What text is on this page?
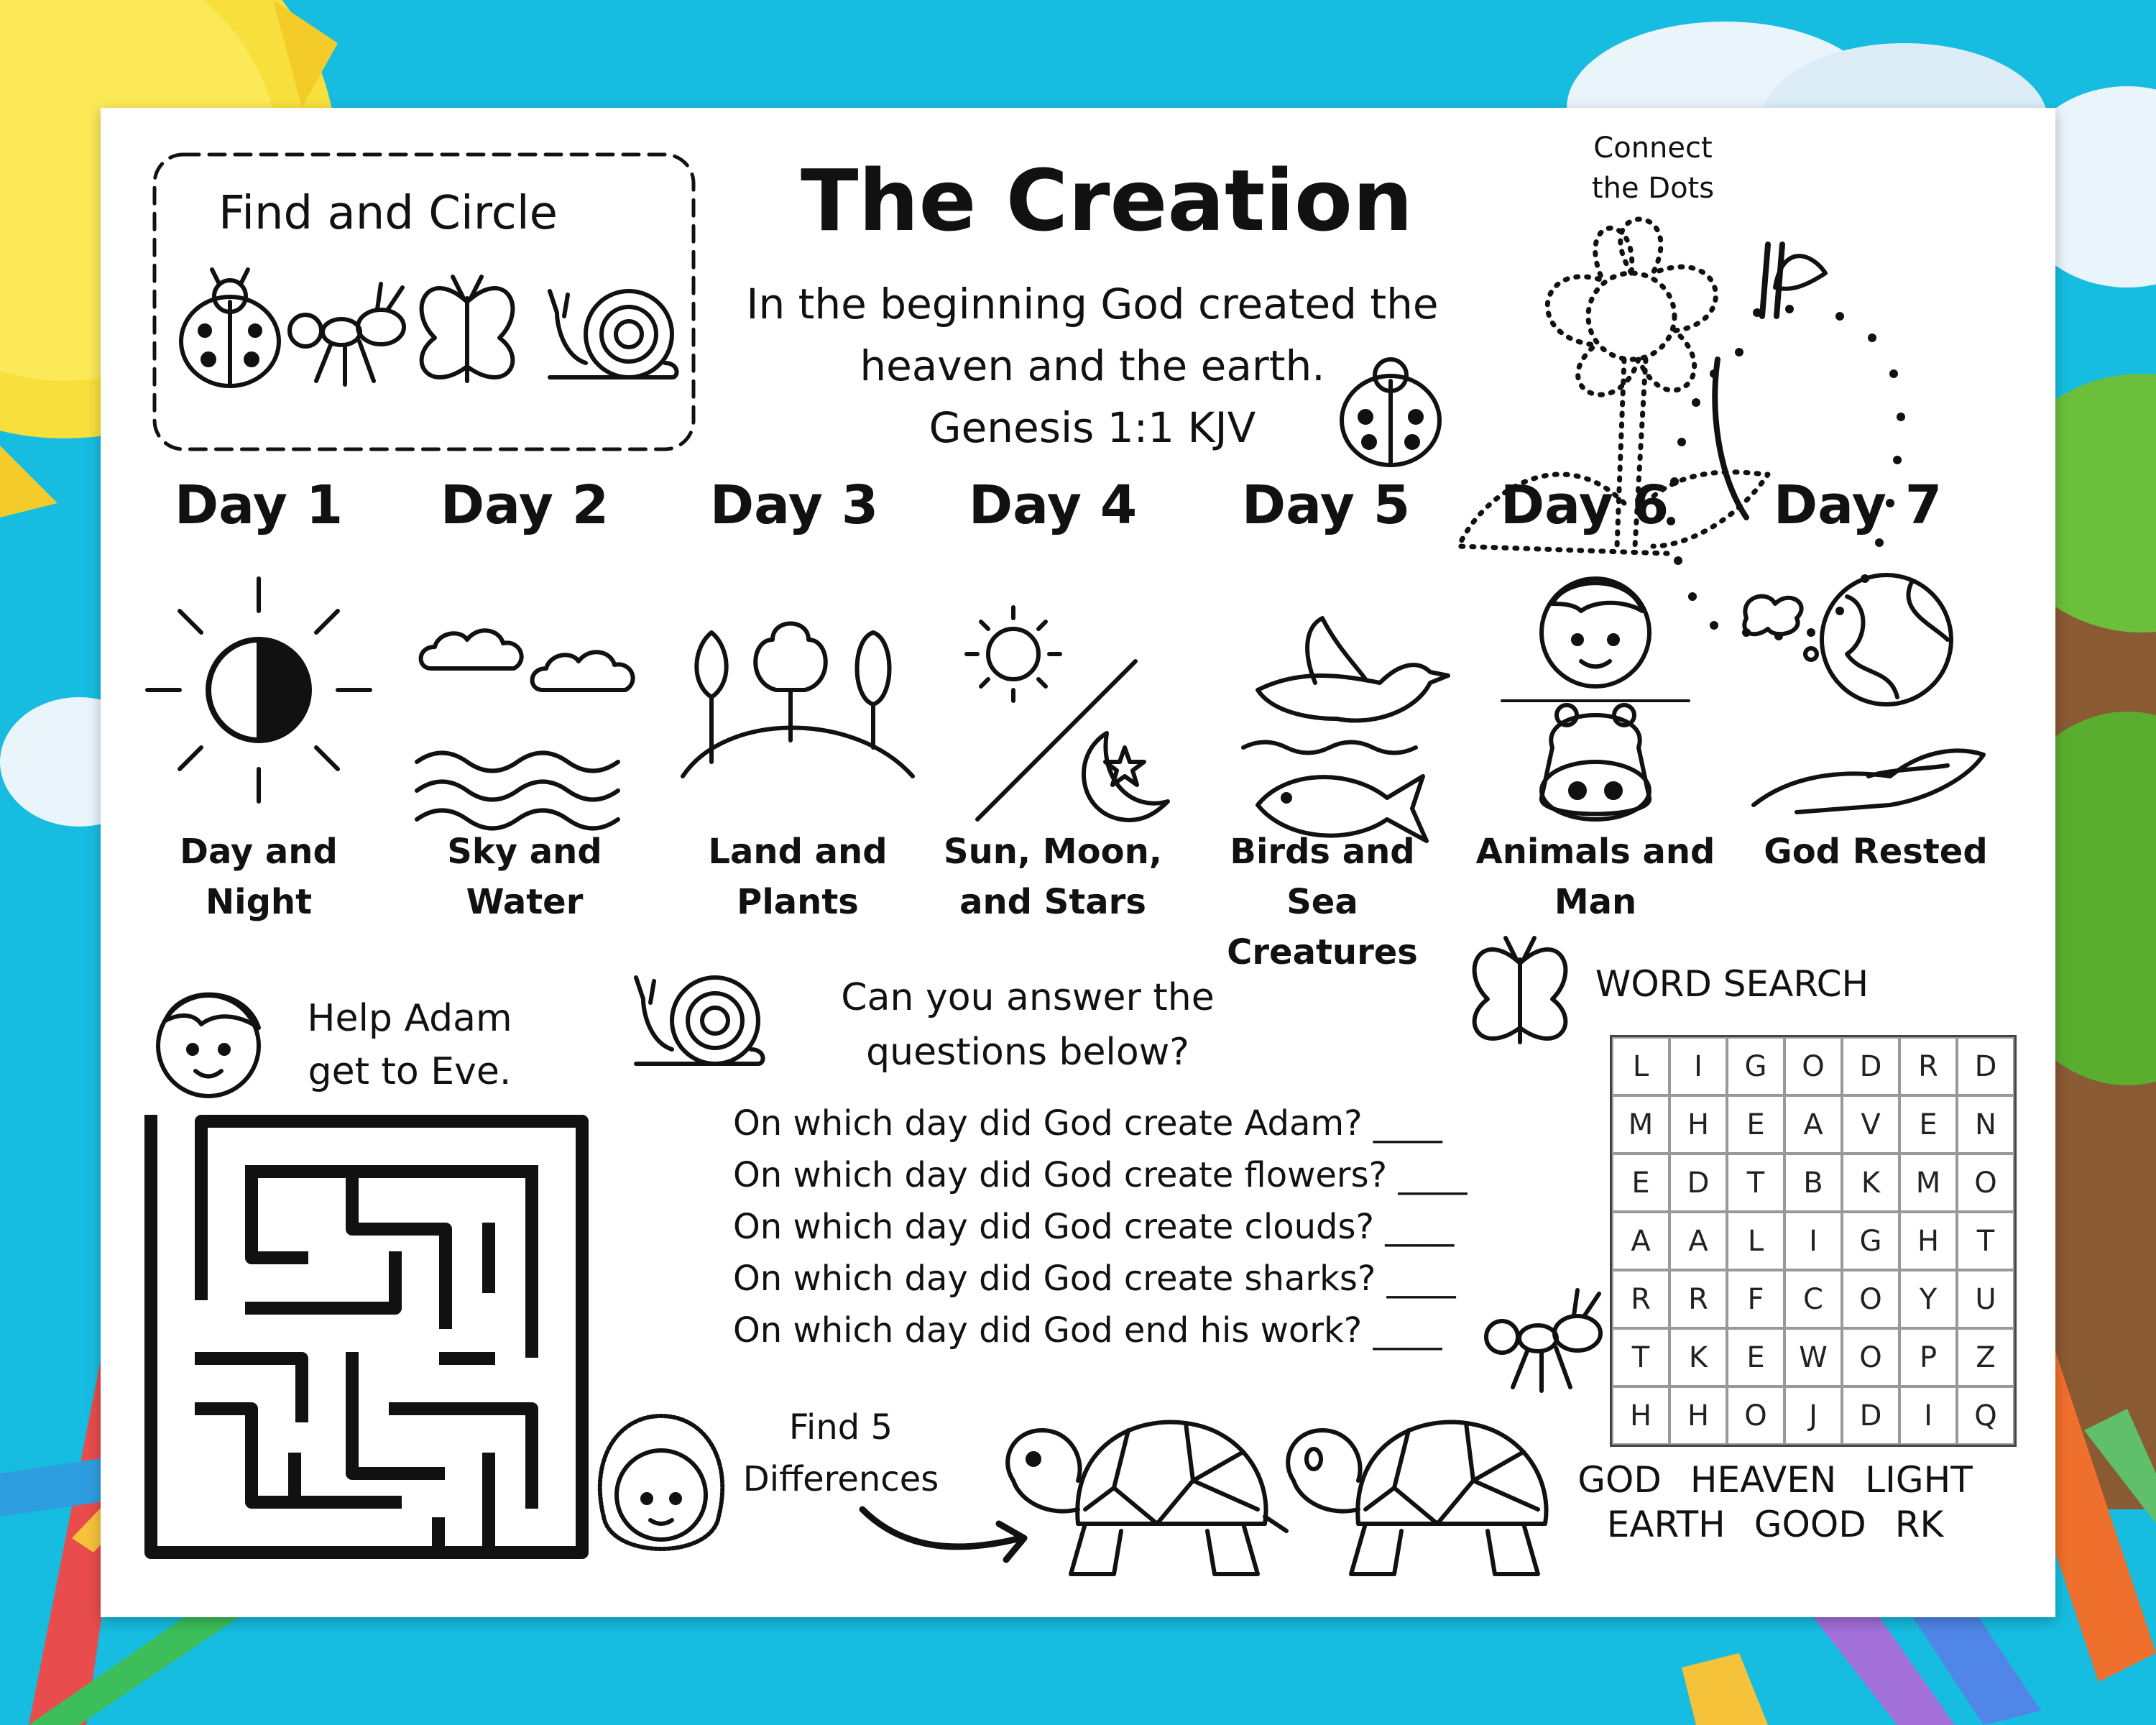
The Creation
In the beginning God created the
heaven and the earth.
Genesis 1:1 KJV
Find and Circle
Connect the Dots
Day 1	Day 2	Day 3	Day 4	Day 5	Day 6	Day 7
Day and Night
Sky and Water
Land and Plants
Sun, Moon, and Stars
Birds and Sea Creatures
Animals and Man
God Rested
Help Adam get to Eve.
Can you answer the questions below?
On which day did God create Adam? ____
On which day did God create flowers? ____
On which day did God create clouds? ____
On which day did God create sharks? ____
On which day did God end his work? ____
Find 5 Differences
WORD SEARCH
L	I	G	O	D	R	D
M	H	E	A	V	E	N
E	D	T	B	K	M	O
A	A	L	I	G	H	T
R	R	F	C	O	Y	U
T	K	E	W	O	P	Z
H	H	O	J	D	I	Q
GOD HEAVEN LIGHT
EARTH GOOD RK
